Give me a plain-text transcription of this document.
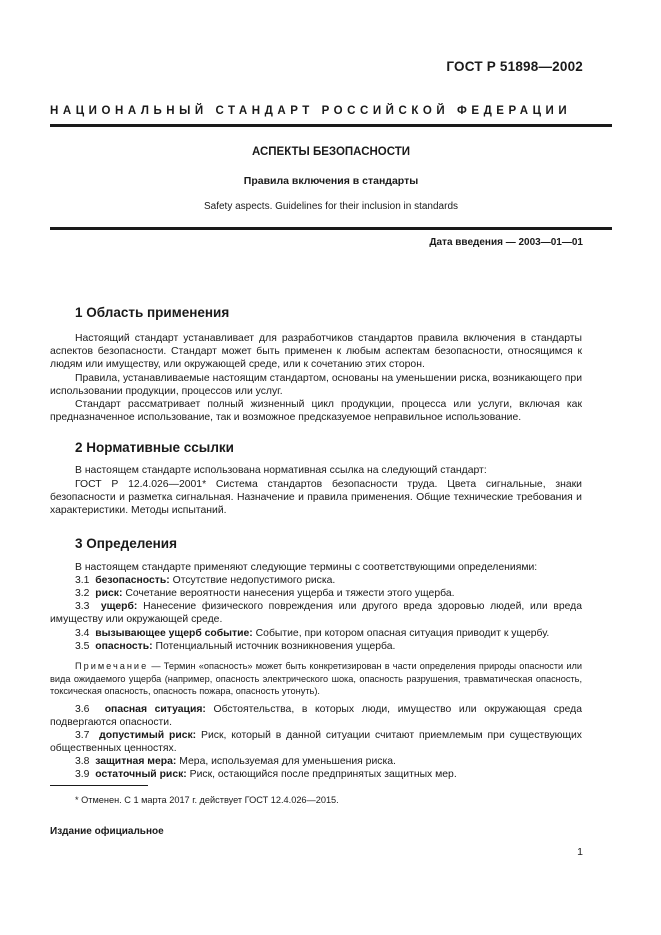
ГОСТ Р 51898—2002
НАЦИОНАЛЬНЫЙ СТАНДАРТ РОССИЙСКОЙ ФЕДЕРАЦИИ
АСПЕКТЫ БЕЗОПАСНОСТИ
Правила включения в стандарты
Safety aspects. Guidelines for their inclusion in standards
Дата введения — 2003—01—01
1 Область применения

Настоящий стандарт устанавливает для разработчиков стандартов правила включения в стандарты аспектов безопасности. Стандарт может быть применен к любым аспектам безопасности, относящимся к людям или имуществу, или окружающей среде, или к сочетанию этих сторон.

Правила, устанавливаемые настоящим стандартом, основаны на уменьшении риска, возникающего при использовании продукции, процессов или услуг.

Стандарт рассматривает полный жизненный цикл продукции, процесса или услуги, включая как предназначенное использование, так и возможное предсказуемое неправильное использование.

2 Нормативные ссылки

В настоящем стандарте использована нормативная ссылка на следующий стандарт:

ГОСТ Р 12.4.026—2001* Система стандартов безопасности труда. Цвета сигнальные, знаки безопасности и разметка сигнальная. Назначение и правила применения. Общие технические требования и характеристики. Методы испытаний.

3 Определения

В настоящем стандарте применяют следующие термины с соответствующими определениями:

3.1 безопасность: Отсутствие недопустимого риска.

3.2 риск: Сочетание вероятности нанесения ущерба и тяжести этого ущерба.

3.3 ущерб: Нанесение физического повреждения или другого вреда здоровью людей, или вреда имуществу или окружающей среде.

3.4 вызывающее ущерб событие: Событие, при котором опасная ситуация приводит к ущербу.

3.5 опасность: Потенциальный источник возникновения ущерба.

Примечание — Термин «опасность» может быть конкретизирован в части определения природы опасности или вида ожидаемого ущерба (например, опасность электрического шока, опасность разрушения, травматическая опасность, токсическая опасность, опасность пожара, опасность утонуть).

3.6 опасная ситуация: Обстоятельства, в которых люди, имущество или окружающая среда подвергаются опасности.

3.7 допустимый риск: Риск, который в данной ситуации считают приемлемым при существующих общественных ценностях.

3.8 защитная мера: Мера, используемая для уменьшения риска.

3.9 остаточный риск: Риск, остающийся после предпринятых защитных мер.

* Отменен. С 1 марта 2017 г. действует ГОСТ 12.4.026—2015.
Издание официальное
1
